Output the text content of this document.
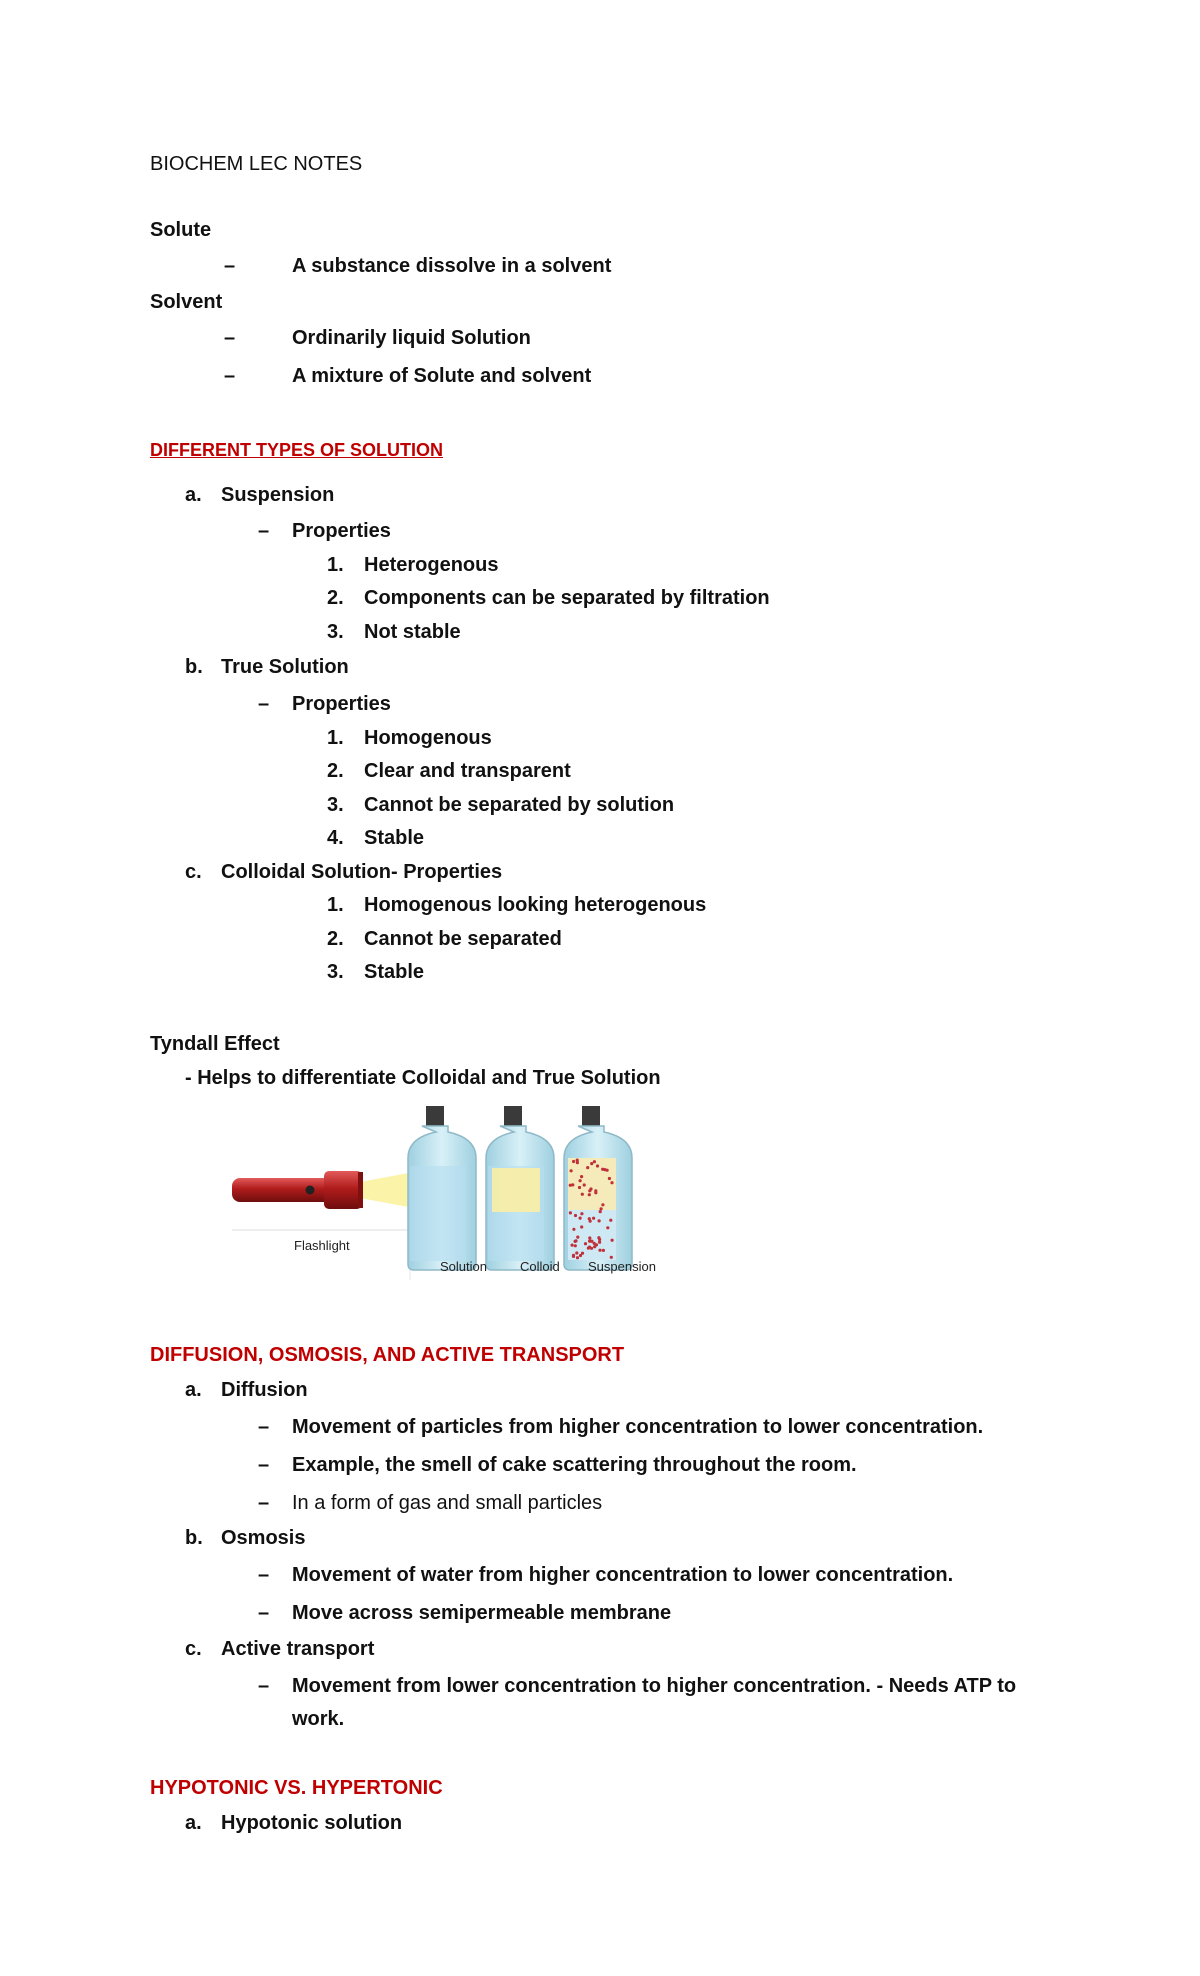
BIOCHEM LEC NOTES
Solute
–	A substance dissolve in a solvent
Solvent
–	Ordinarily liquid Solution
–	A mixture of Solute and solvent
DIFFERENT TYPES OF SOLUTION
a. Suspension
– Properties
1. Heterogenous
2. Components can be separated by filtration
3. Not stable
b. True Solution
– Properties
1. Homogenous
2. Clear and transparent
3. Cannot be separated by solution
4. Stable
c. Colloidal Solution- Properties
1. Homogenous looking heterogenous
2. Cannot be separated
3. Stable
Tyndall Effect
- Helps to differentiate Colloidal and True Solution
Flashlight
Solution	Colloid Suspension
DIFFUSION, OSMOSIS, AND ACTIVE TRANSPORT
a. Diffusion
– Movement of particles from higher concentration to lower concentration.
– Example, the smell of cake scattering throughout the room.
– In a form of gas and small particles
b. Osmosis
– Movement of water from higher concentration to lower concentration.
– Move across semipermeable membrane
c. Active transport
– Movement from lower concentration to higher concentration. - Needs ATP to
work.
HYPOTONIC VS. HYPERTONIC
a. Hypotonic solution
